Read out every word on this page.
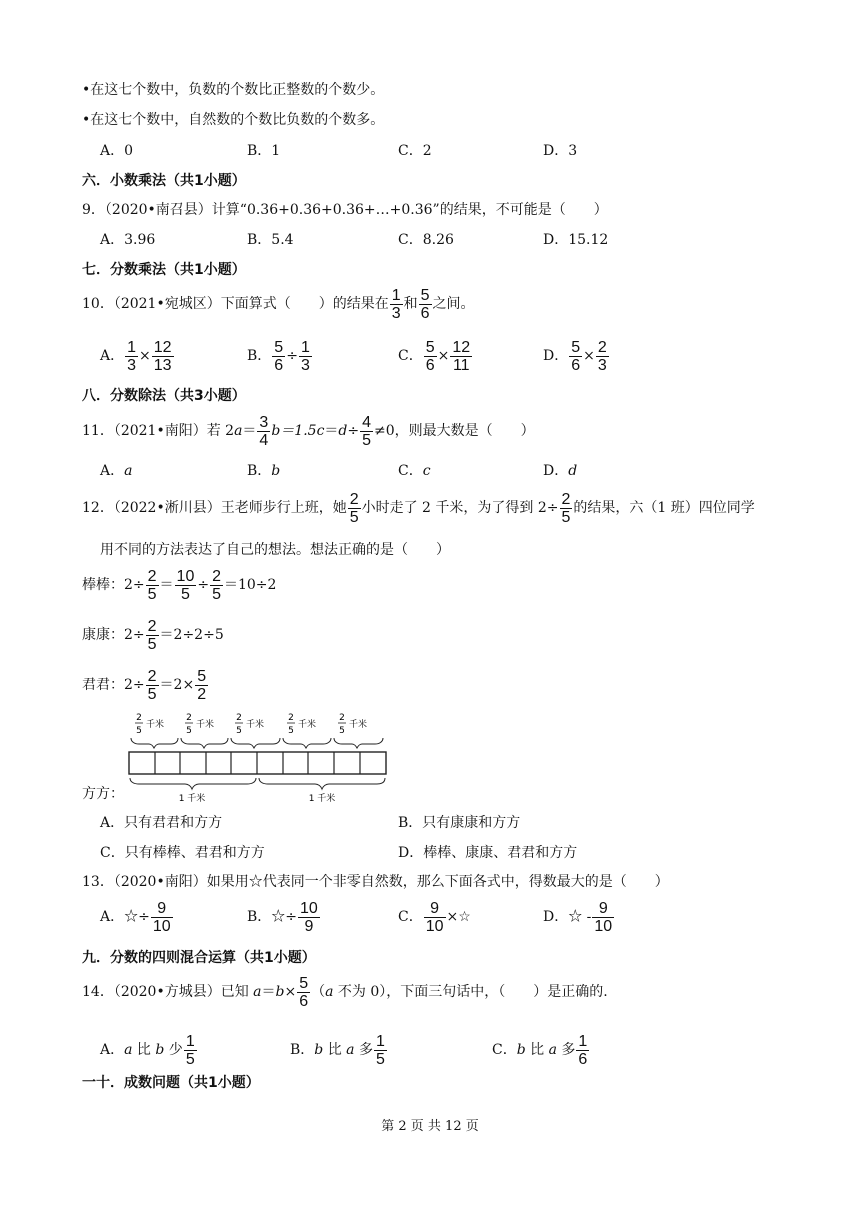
•在这七个数中，负数的个数比正整数的个数少。
•在这七个数中，自然数的个数比负数的个数多。
A．0	B．1	C．2	D．3
六．小数乘法（共1小题）
9．（2020•南召县）计算“0.36+0.36+0.36+…+0.36”的结果，不可能是（　　）
A．3.96	B．5.4	C．8.26	D．15.12
七．分数乘法（共1小题）
10．（2021•宛城区）下面算式（　　）的结果在 $\frac{1}{3}$ 和 $\frac{5}{6}$ 之间。
A． $\frac{1}{3} \times \frac{12}{13}$	B． $\frac{5}{6} \div \frac{1}{3}$	C． $\frac{5}{6} \times \frac{12}{11}$	D． $\frac{5}{6} \times \frac{2}{3}$
八．分数除法（共3小题）
11．（2021•南阳）若 $2a= \frac{3}{4} b=1.5c=d\div \frac{4}{5} \ne 0$，则最大数是（　　）
A．a	B．b	C．c	D．d
12．（2022•淅川县）王老师步行上班，她 $\frac{2}{5}$ 小时走了 2 千米，为了得到 $2\div \frac{2}{5}$ 的结果，六（1 班）四位同学
用不同的方法表达了自己的想法。想法正确的是（　　）
棒棒：$2\div \frac{2}{5} = \frac{10}{5} \div \frac{2}{5} =10\div 2$
康康：$2\div \frac{2}{5} =2\div 2\div 5$
君君：$2\div \frac{2}{5} =2\times \frac{5}{2}$
2
5
千米
2
5
千米
2
5
千米
2
5
千米
2
5
千米
1 千米	1 千米
方方：
A．只有君君和方方	B．只有康康和方方
C．只有棒棒、君君和方方	D．棒棒、康康、君君和方方
13．（2020•南阳）如果用☆代表同一个非零自然数，那么下面各式中，得数最大的是（　　）
A．☆÷ $\frac{9}{10}$	B．☆÷ $\frac{10}{9}$	C． $\frac{9}{10}$ ×☆	D．☆ - $\frac{9}{10}$
九．分数的四则混合运算（共1小题）
14．（2020•方城县）已知 $a=b\times \frac{5}{6} (a$ 不为 0），下面三句话中，（　　）是正确的.
A．a 比 b 少 $\frac{1}{5}$	B．b 比 a 多 $\frac{1}{5}$	C．b 比 a 多 $\frac{1}{6}$
一十．成数问题（共1小题）
第 2 页 共 12 页
